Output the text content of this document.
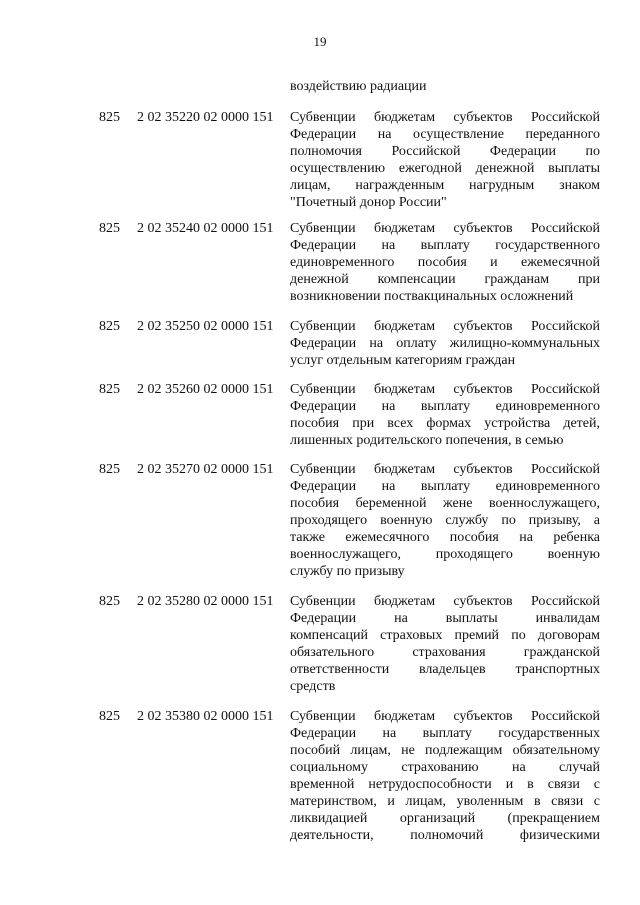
19
воздействию радиации
825 2 02 35220 02 0000 151 Субвенции бюджетам субъектов Российской
Федерации на осуществление переданного
полномочия Российской Федерации по
осуществлению ежегодной денежной выплаты
лицам, награжденным нагрудным знаком
"Почетный донор России"
825 2 02 35240 02 0000 151 Субвенции бюджетам субъектов Российской
Федерации на выплату государственного
единовременного пособия и ежемесячной
денежной компенсации гражданам при
возникновении поствакцинальных осложнений
825 2 02 35250 02 0000 151 Субвенции бюджетам субъектов Российской
Федерации на оплату жилищно-коммунальных
услуг отдельным категориям граждан
825 2 02 35260 02 0000 151 Субвенции бюджетам субъектов Российской
Федерации на выплату единовременного
пособия при всех формах устройства детей,
лишенных родительского попечения, в семью
825 2 02 35270 02 0000 151 Субвенции бюджетам субъектов Российской
Федерации на выплату единовременного
пособия беременной жене военнослужащего,
проходящего военную службу по призыву, а
также ежемесячного пособия на ребенка
военнослужащего, проходящего военную
службу по призыву
825 2 02 35280 02 0000 151 Субвенции бюджетам субъектов Российской
Федерации на выплаты инвалидам
компенсаций страховых премий по договорам
обязательного страхования гражданской
ответственности владельцев транспортных
средств
825 2 02 35380 02 0000 151 Субвенции бюджетам субъектов Российской
Федерации на выплату государственных
пособий лицам, не подлежащим обязательному
социальному страхованию на случай
временной нетрудоспособности и в связи с
материнством, и лицам, уволенным в связи с
ликвидацией организаций (прекращением
деятельности, полномочий физическими
